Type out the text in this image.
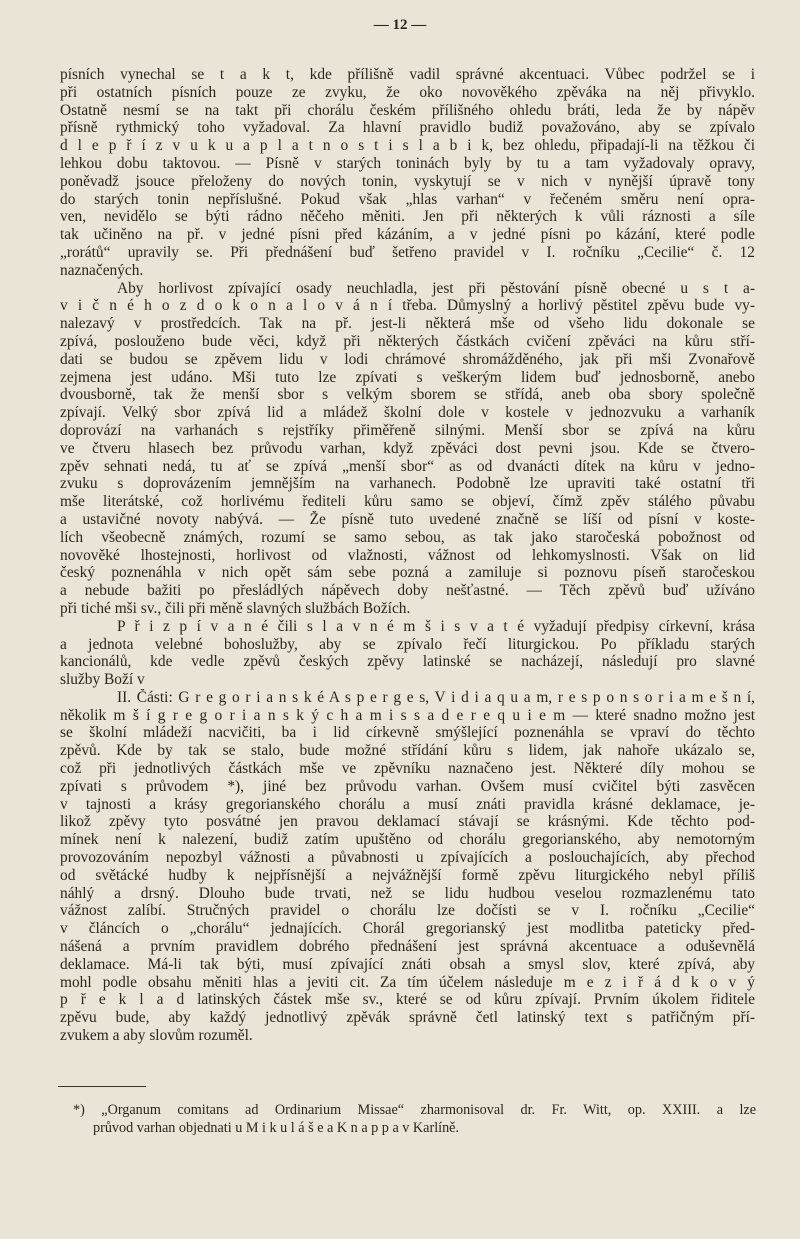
— 12 —
písních vynechal se t a k t, kde přílišně vadil správné akcentuaci. Vůbec podržel se i
při ostatních písních pouze ze zvyku, že oko novověkého zpěváka na něj přivyklo.
Ostatně nesmí se na takt při chorálu českém přílišného ohledu bráti, leda že by nápěv
přísně rythmický toho vyžadoval. Za hlavní pravidlo budiž považováno, aby se zpívalo
d l e p ř í z v u k u a p l a t n o s t i s l a b i k, bez ohledu, připadají-li na těžkou či
lehkou dobu taktovou. — Písně v starých toninách byly by tu a tam vyžadovaly opravy,
poněvadž jsouce přeloženy do nových tonin, vyskytují se v nich v nynější úpravě tony
do starých tonin nepříslušné. Pokud však „hlas varhan“ v řečeném směru není opra-
ven, nevidělo se býti rádno něčeho měniti. Jen při některých k vůli ráznosti a síle
tak učiněno na př. v jedné písni před kázáním, a v jedné písni po kázání, které podle
„rorátů“ upravily se. Při přednášení buď šetřeno pravidel v I. ročníku „Cecilie“ č. 12
naznačených.
Aby horlivost zpívající osady neuchladla, jest při pěstování písně obecné u s t a-
v i č n é h o z d o k o n a l o v á n í třeba. Důmyslný a horlivý pěstitel zpěvu bude vy-
nalezavý v prostředcích. Tak na př. jest-li některá mše od všeho lidu dokonale se
zpívá, poslouženo bude věci, když při některých částkách cvičení zpěváci na kůru stří-
dati se budou se zpěvem lidu v lodi chrámové shromážděného, jak při mši Zvonařově
zejmena jest udáno. Mši tuto lze zpívati s veškerým lidem buď jednosborně, anebo
dvousborně, tak že menší sbor s velkým sborem se střídá, aneb oba sbory společně
zpívají. Velký sbor zpívá lid a mládež školní dole v kostele v jednozvuku a varhaník
doprovází na varhanách s rejstříky přiměřeně silnými. Menší sbor se zpívá na kůru
ve čtveru hlasech bez průvodu varhan, když zpěváci dost pevni jsou. Kde se čtvero-
zpěv sehnati nedá, tu ať se zpívá „menší sbor“ as od dvanácti dítek na kůru v jedno-
zvuku s doprovázením jemnějším na varhanech. Podobně lze upraviti také ostatní tři
mše literátské, což horlivému řediteli kůru samo se objeví, čímž zpěv stálého půvabu
a ustavičné novoty nabývá. — Že písně tuto uvedené značně se líší od písní v koste-
lích všeobecně známých, rozumí se samo sebou, as tak jako staročeská pobožnost od
novověké lhostejnosti, horlivost od vlažnosti, vážnost od lehkomyslnosti. Však on lid
český poznenáhla v nich opět sám sebe pozná a zamiluje si poznovu píseň staročeskou
a nebude bažiti po přesládlých nápěvech doby nešťastné. — Těch zpěvů buď užíváno
při tiché mši sv., čili při měně slavných službách Božích.
P ř i z p í v a n é čili s l a v n é m š i s v a t é vyžadují předpisy církevní, krása
a jednota velebné bohoslužby, aby se zpívalo řečí liturgickou. Po příkladu starých
kancionálů, kde vedle zpěvů českých zpěvy latinské se nacházejí, následují pro slavné
služby Boží v
II. Části: G r e g o r i a n s k é A s p e r g e s, V i d i a q u a m, r e s p o n s o r i a m e š n í,
několik m š í g r e g o r i a n s k ý c h a m i s s a d e r e q u i e m — které snadno možno jest
se školní mládeží nacvičiti, ba i lid církevně smýšlející poznenáhla se vpraví do těchto
zpěvů. Kde by tak se stalo, bude možné střídání kůru s lidem, jak nahoře ukázalo se,
což při jednotlivých částkách mše ve zpěvníku naznačeno jest. Některé díly mohou se
zpívati s průvodem *), jiné bez průvodu varhan. Ovšem musí cvičitel býti zasvěcen
v tajnosti a krásy gregorianského chorálu a musí znáti pravidla krásné deklamace, je-
likož zpěvy tyto posvátné jen pravou deklamací stávají se krásnými. Kde těchto pod-
mínek není k nalezení, budiž zatím upuštěno od chorálu gregorianského, aby nemotorným
provozováním nepozbyl vážnosti a půvabnosti u zpívajících a poslouchajících, aby přechod
od světácké hudby k nejpřísnější a nejvážnější formě zpěvu liturgického nebyl příliš
náhlý a drsný. Dlouho bude trvati, než se lidu hudbou veselou rozmazlenému tato
vážnost zalíbí. Stručných pravidel o chorálu lze dočísti se v I. ročníku „Cecilie“
v článcích o „chorálu“ jednajících. Chorál gregorianský jest modlitba pateticky před-
nášená a prvním pravidlem dobrého přednášení jest správná akcentuace a oduševnělá
deklamace. Má-li tak býti, musí zpívající znáti obsah a smysl slov, které zpívá, aby
mohl podle obsahu měniti hlas a jeviti cit. Za tím účelem následuje m e z i ř á d k o v ý
p ř e k l a d latinských částek mše sv., které se od kůru zpívají. Prvním úkolem řiditele
zpěvu bude, aby každý jednotlivý zpěvák správně četl latinský text s patřičným pří-
zvukem a aby slovům rozuměl.
*) „Organum comitans ad Ordinarium Missae“ zharmonisoval dr. Fr. Witt, op. XXIII. a lze
průvod varhan objednati u M i k u l á š e a K n a p p a v Karlíně.
